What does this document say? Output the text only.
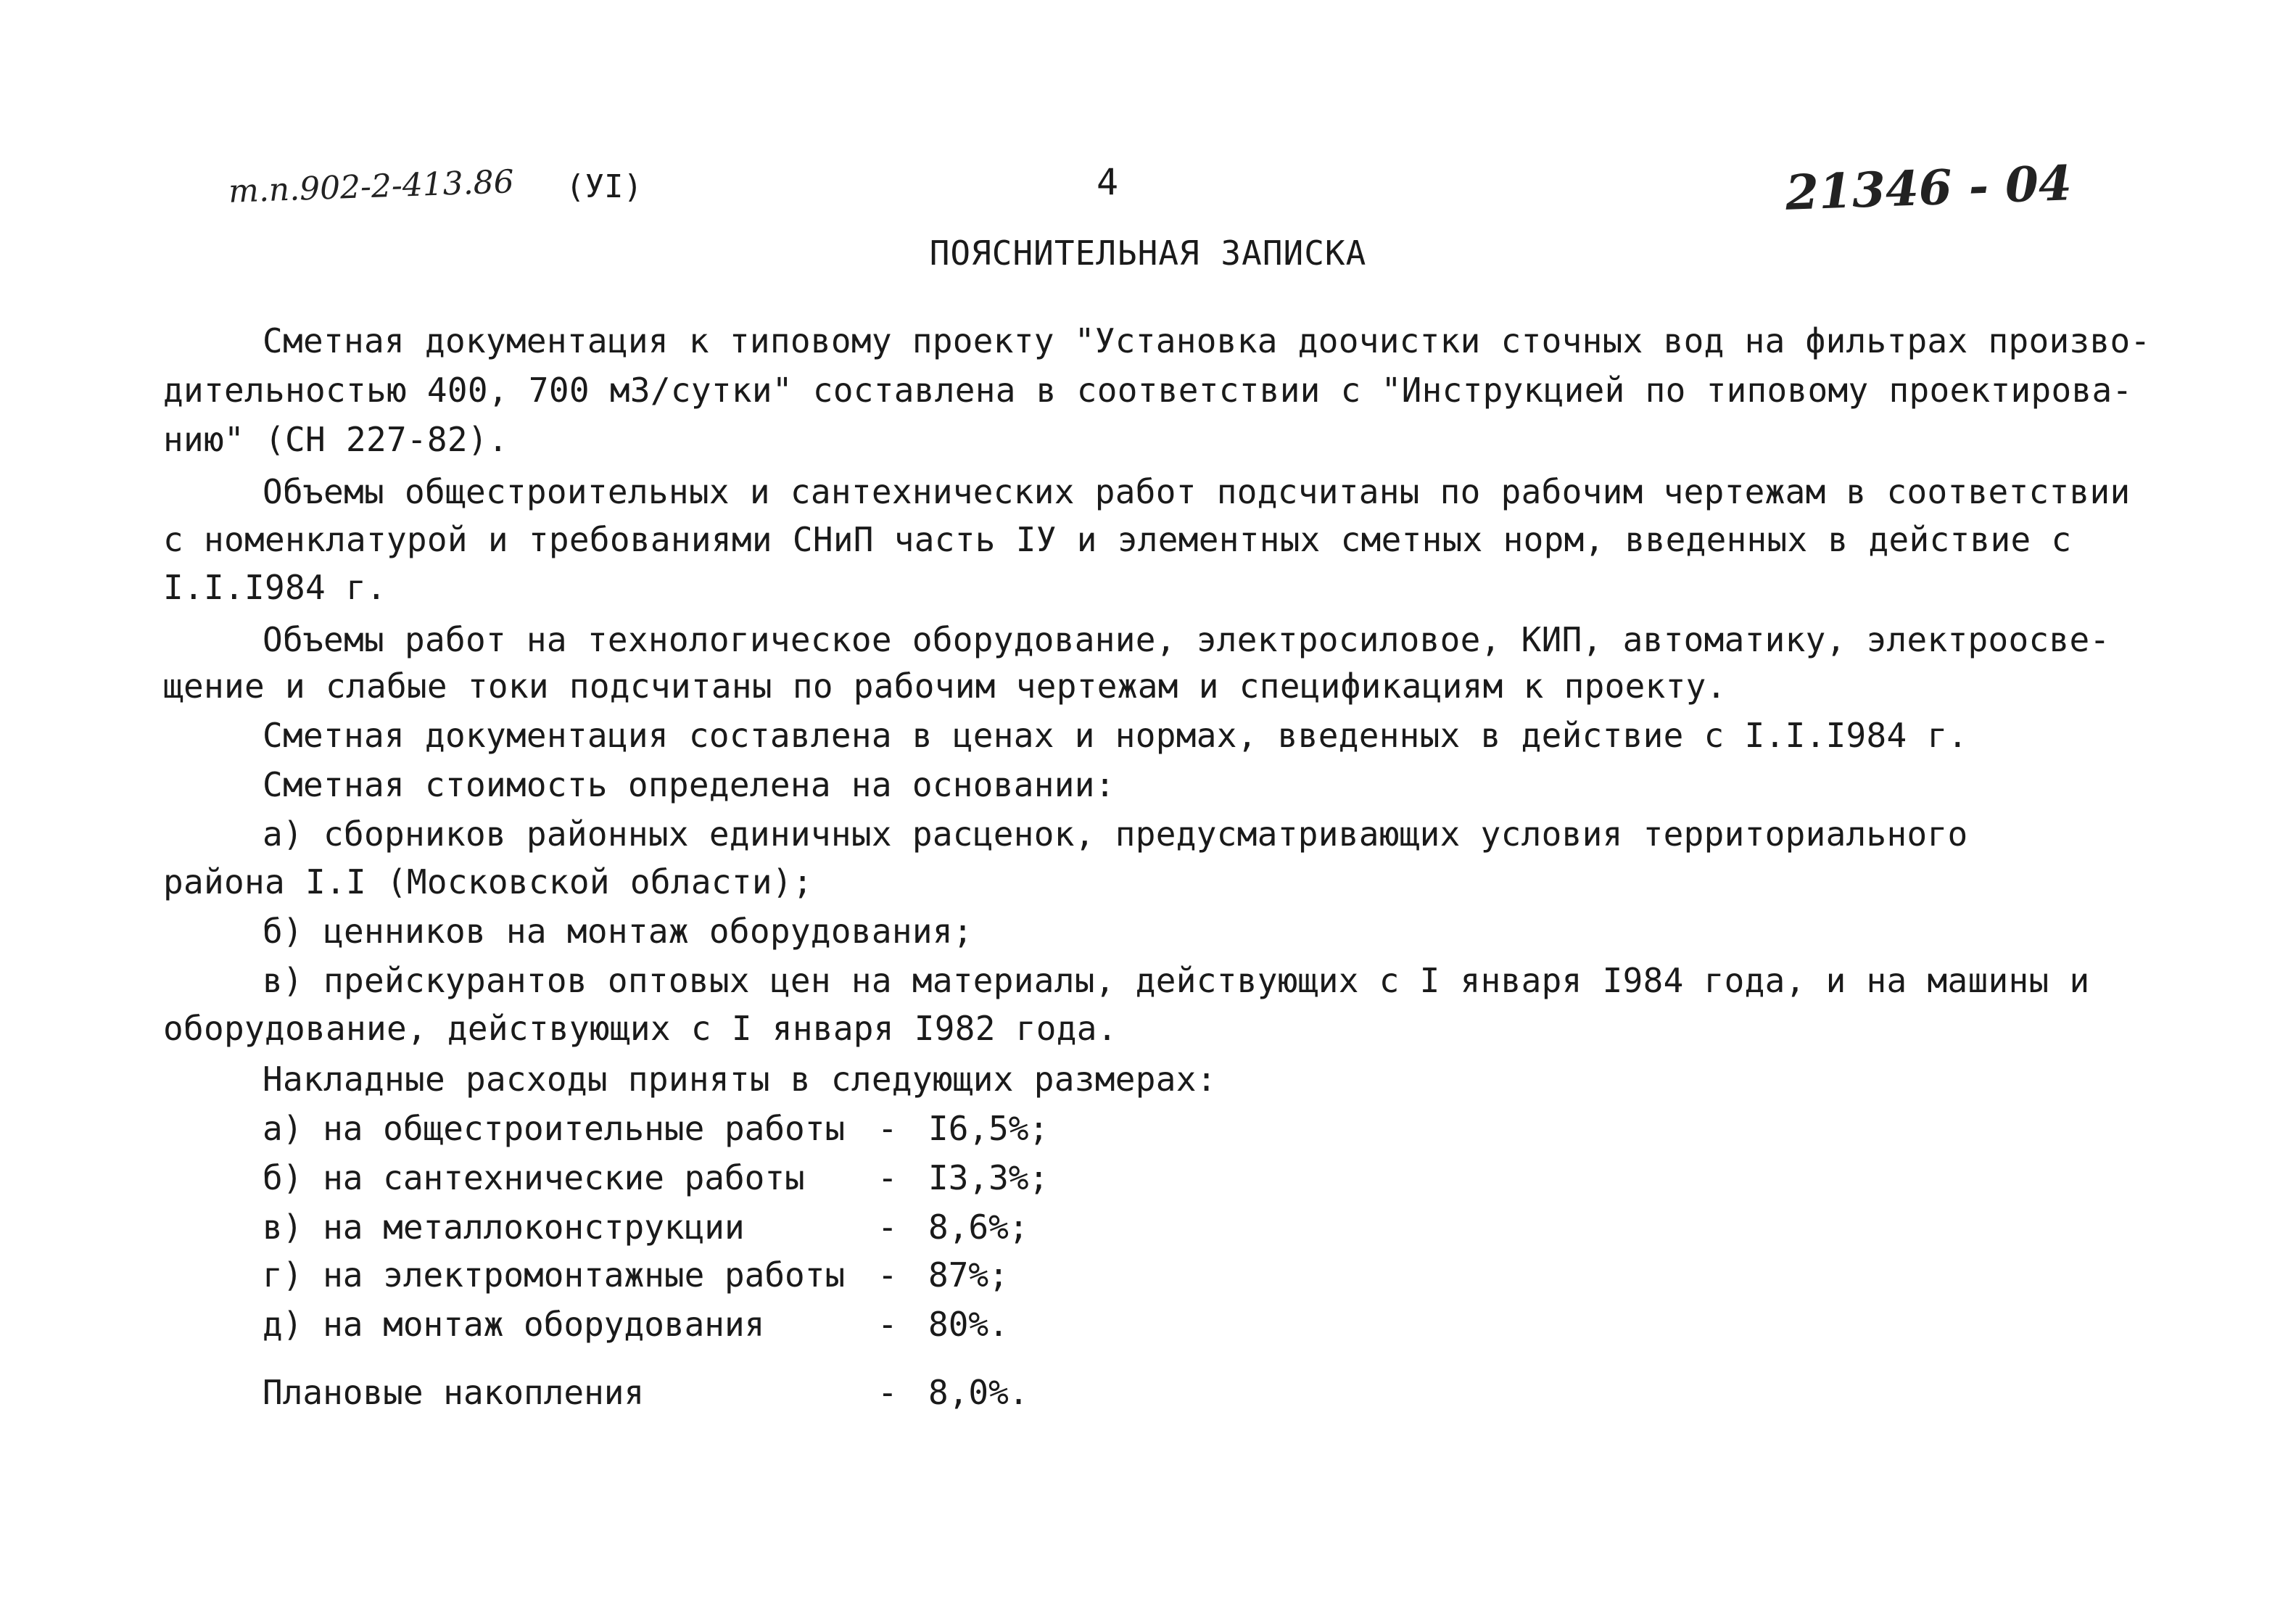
т.п.902-2-413.86 (УI)	4	21346 - 04
ПОЯСНИТЕЛЬНАЯ ЗАПИСКА
Сметная документация к типовому проекту "Установка доочистки сточных вод на фильтрах произво-
дительностью 400, 700 м3/сутки" составлена в соответствии с "Инструкцией по типовому проектирова-
нию" (СН 227-82).
Объемы общестроительных и сантехнических работ подсчитаны по рабочим чертежам в соответствии
с номенклатурой и требованиями СНиП часть IУ и элементных сметных норм, введенных в действие с
I.I.I984 г.
Объемы работ на технологическое оборудование, электросиловое, КИП, автоматику, электроосве-
щение и слабые токи подсчитаны по рабочим чертежам и спецификациям к проекту.
Сметная документация составлена в ценах и нормах, введенных в действие с I.I.I984 г.
Сметная стоимость определена на основании:
а) сборников районных единичных расценок, предусматривающих условия территориального
района I.I (Московской области);
б) ценников на монтаж оборудования;
в) прейскурантов оптовых цен на материалы, действующих с I января I984 года, и на машины и
оборудование, действующих с I января I982 года.
Накладные расходы приняты в следующих размерах:
а) на общестроительные работы - I6,5%;
б) на сантехнические работы - I3,3%;
в) на металлоконструкции	- 8,6%;
г) на электромонтажные работы - 87%;
д) на монтаж оборудования	- 80%.
Плановые накопления	- 8,0%.
